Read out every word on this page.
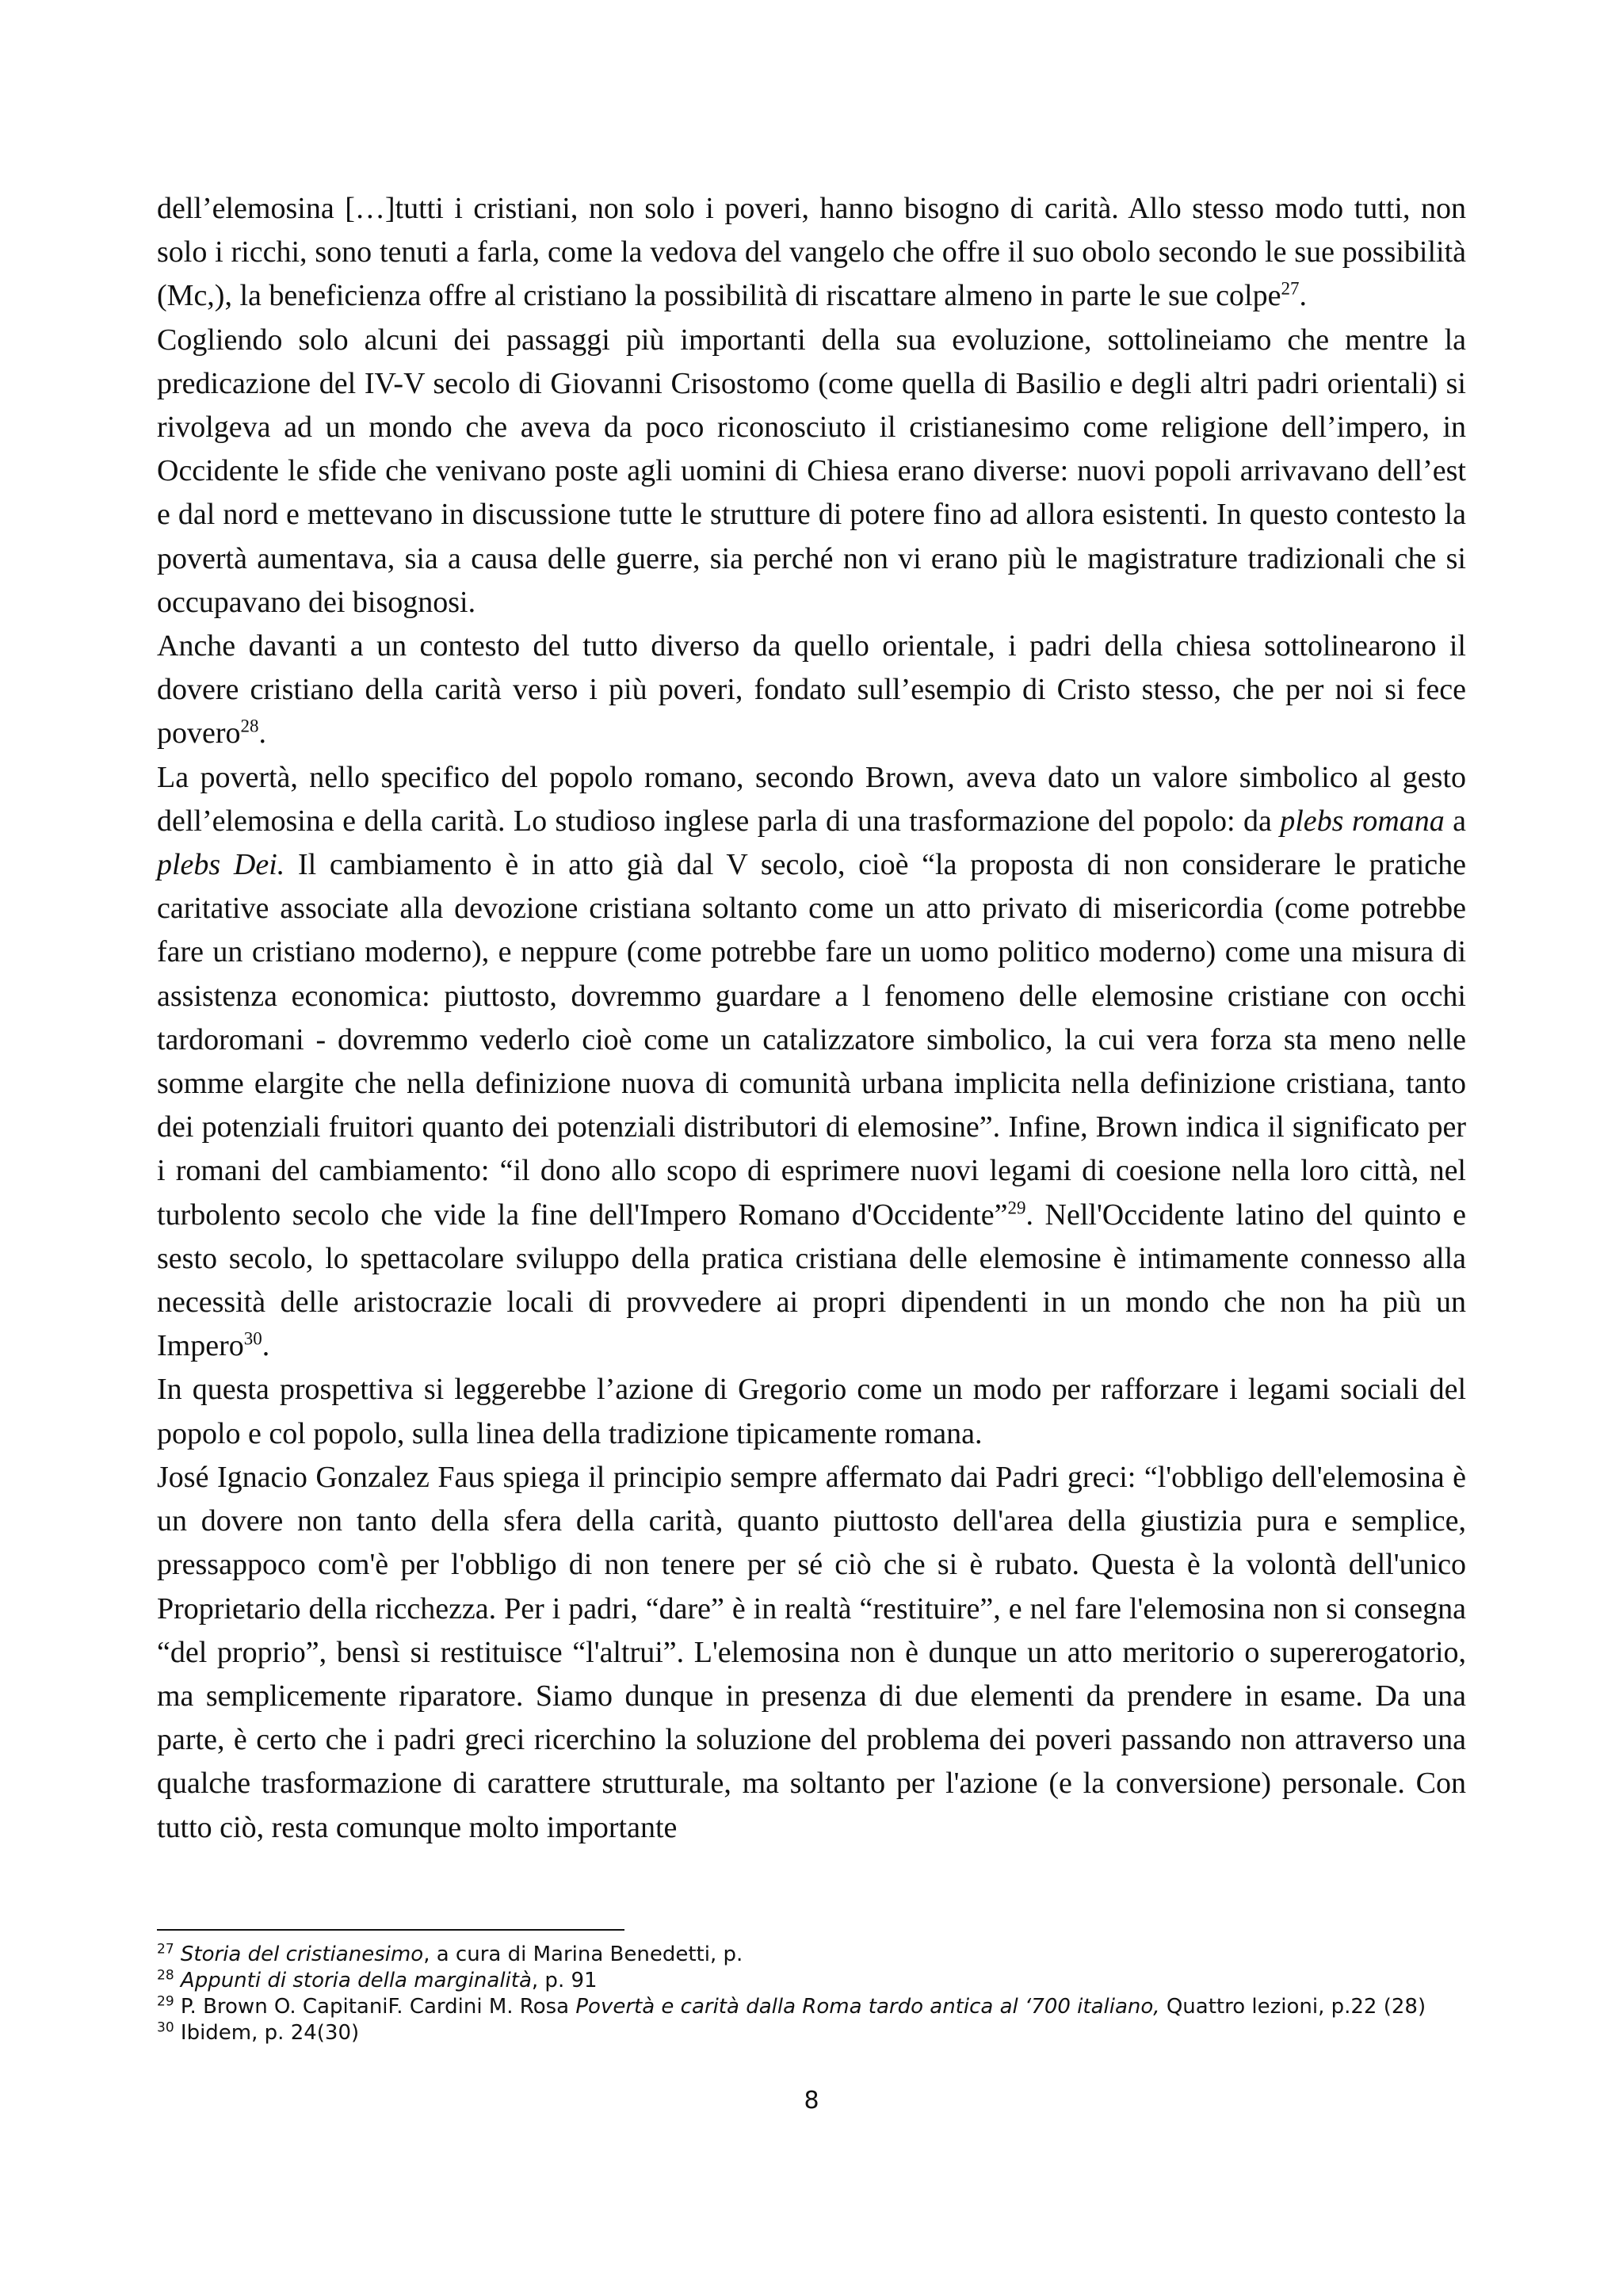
dell’elemosina […]tutti i cristiani, non solo i poveri, hanno bisogno di carità. Allo stesso modo tutti, non solo i ricchi, sono tenuti a farla, come la vedova del vangelo che offre il suo obolo secondo le sue possibilità (Mc,), la beneficienza offre al cristiano la possibilità di riscattare almeno in parte le sue colpe$^{27}$.

Cogliendo solo alcuni dei passaggi più importanti della sua evoluzione, sottolineiamo che mentre la predicazione del IV-V secolo di Giovanni Crisostomo (come quella di Basilio e degli altri padri orientali) si rivolgeva ad un mondo che aveva da poco riconosciuto il cristianesimo come religione dell’impero, in Occidente le sfide che venivano poste agli uomini di Chiesa erano diverse: nuovi popoli arrivavano dell’est e dal nord e mettevano in discussione tutte le strutture di potere fino ad allora esistenti. In questo contesto la povertà aumentava, sia a causa delle guerre, sia perché non vi erano più le magistrature tradizionali che si occupavano dei bisognosi.

Anche davanti a un contesto del tutto diverso da quello orientale, i padri della chiesa sottolinearono il dovere cristiano della carità verso i più poveri, fondato sull’esempio di Cristo stesso, che per noi si fece povero$^{28}$.

La povertà, nello specifico del popolo romano, secondo Brown, aveva dato un valore simbolico al gesto dell’elemosina e della carità. Lo studioso inglese parla di una trasformazione del popolo: da plebs romana a plebs Dei. Il cambiamento è in atto già dal V secolo, cioè “la proposta di non considerare le pratiche caritative associate alla devozione cristiana soltanto come un atto privato di misericordia (come potrebbe fare un cristiano moderno), e neppure (come potrebbe fare un uomo politico moderno) come una misura di assistenza economica: piuttosto, dovremmo guardare a l fenomeno delle elemosine cristiane con occhi tardoromani - dovremmo vederlo cioè come un catalizzatore simbolico, la cui vera forza sta meno nelle somme elargite che nella definizione nuova di comunità urbana implicita nella definizione cristiana, tanto dei potenziali fruitori quanto dei potenziali distributori di elemosine”. Infine, Brown indica il significato per i romani del cambiamento: “il dono allo scopo di esprimere nuovi legami di coesione nella loro città, nel turbolento secolo che vide la fine dell'Impero Romano d'Occidente”$^{29}$. Nell'Occidente latino del quinto e sesto secolo, lo spettacolare sviluppo della pratica cristiana delle elemosine è intimamente connesso alla necessità delle aristocrazie locali di provvedere ai propri dipendenti in un mondo che non ha più un Impero$^{30}$.

In questa prospettiva si leggerebbe l’azione di Gregorio come un modo per rafforzare i legami sociali del popolo e col popolo, sulla linea della tradizione tipicamente romana.

José Ignacio Gonzalez Faus spiega il principio sempre affermato dai Padri greci: “l'obbligo dell'elemosina è un dovere non tanto della sfera della carità, quanto piuttosto dell'area della giustizia pura e semplice, pressappoco com'è per l'obbligo di non tenere per sé ciò che si è rubato. Questa è la volontà dell'unico Proprietario della ricchezza. Per i padri, “dare” è in realtà “restituire”, e nel fare l'elemosina non si consegna “del proprio”, bensì si restituisce “l'altrui”. L'elemosina non è dunque un atto meritorio o supererogatorio, ma semplicemente riparatore. Siamo dunque in presenza di due elementi da prendere in esame. Da una parte, è certo che i padri greci ricerchino la soluzione del problema dei poveri passando non attraverso una qualche trasformazione di carattere strutturale, ma soltanto per l'azione (e la conversione) personale. Con tutto ciò, resta comunque molto importante

$^{27}$ Storia del cristianesimo, a cura di Marina Benedetti, p.

$^{28}$ Appunti di storia della marginalità, p. 91

$^{29}$ P. Brown O. CapitaniF. Cardini M. Rosa Povertà e carità dalla Roma tardo antica al ‘700 italiano, Quattro lezioni, p.22 (28)

$^{30}$ Ibidem, p. 24(30)

8
